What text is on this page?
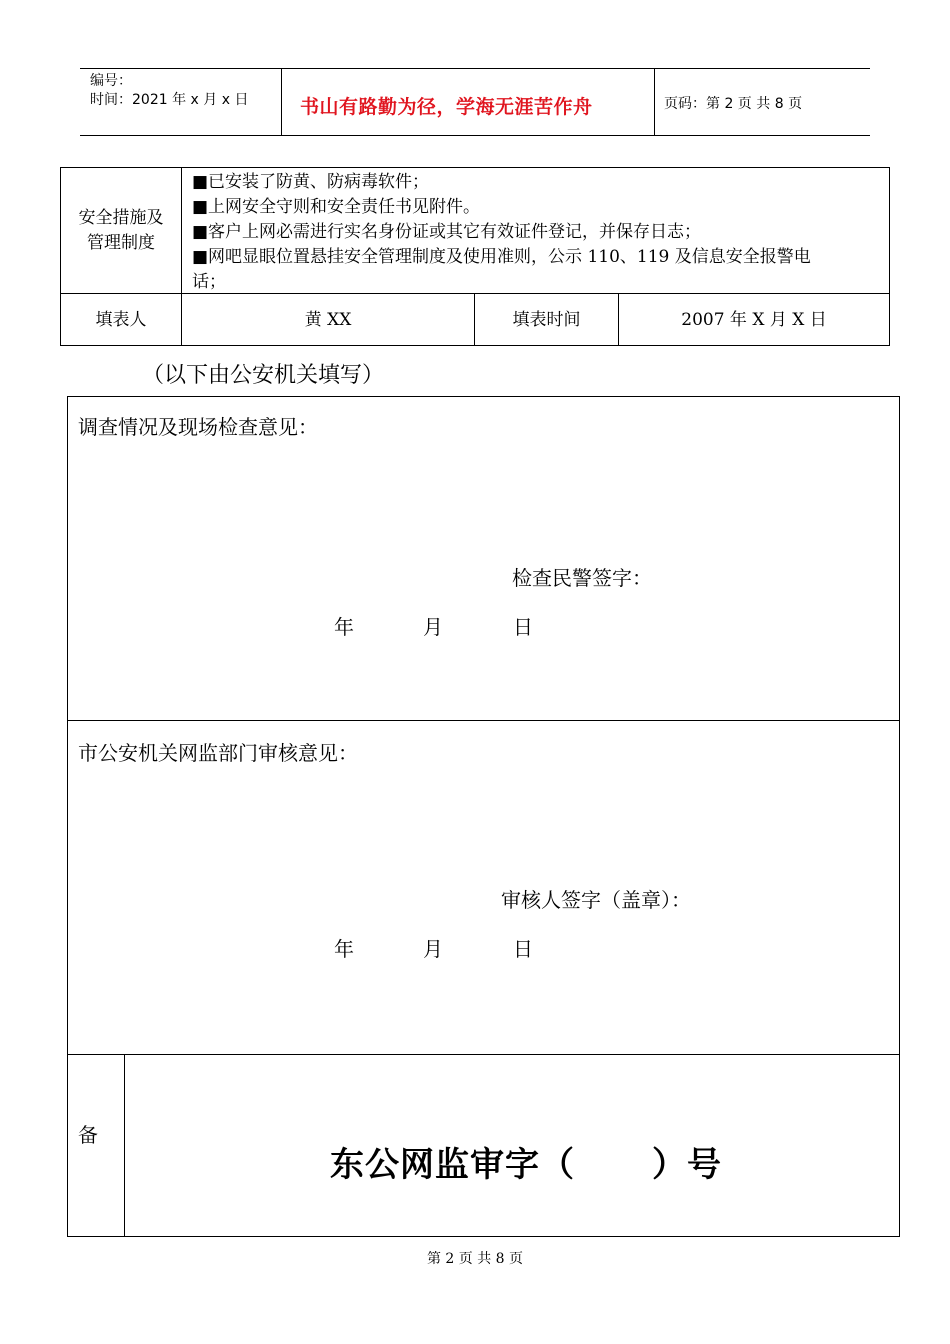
编号：
时间：2021 年 x 月 x 日	书山有路勤为径，学海无涯苦作舟	页码：第 2 页 共 8 页
安全措施及
管理制度
■已安装了防黄、防病毒软件；
■上网安全守则和安全责任书见附件。
■客户上网必需进行实名身份证或其它有效证件登记，并保存日志；
■网吧显眼位置悬挂安全管理制度及使用准则，公示 110、119 及信息安全报警电
话；
填表人	黄 XX	填表时间	2007 年 X 月 X 日
（以下由公安机关填写）
调查情况及现场检查意见：
检查民警签字：
年	月	日
市公安机关网监部门审核意见：
审核人签字（盖章）：
年	月	日
备
东公网监审字（      ）号
第 2 页 共 8 页
